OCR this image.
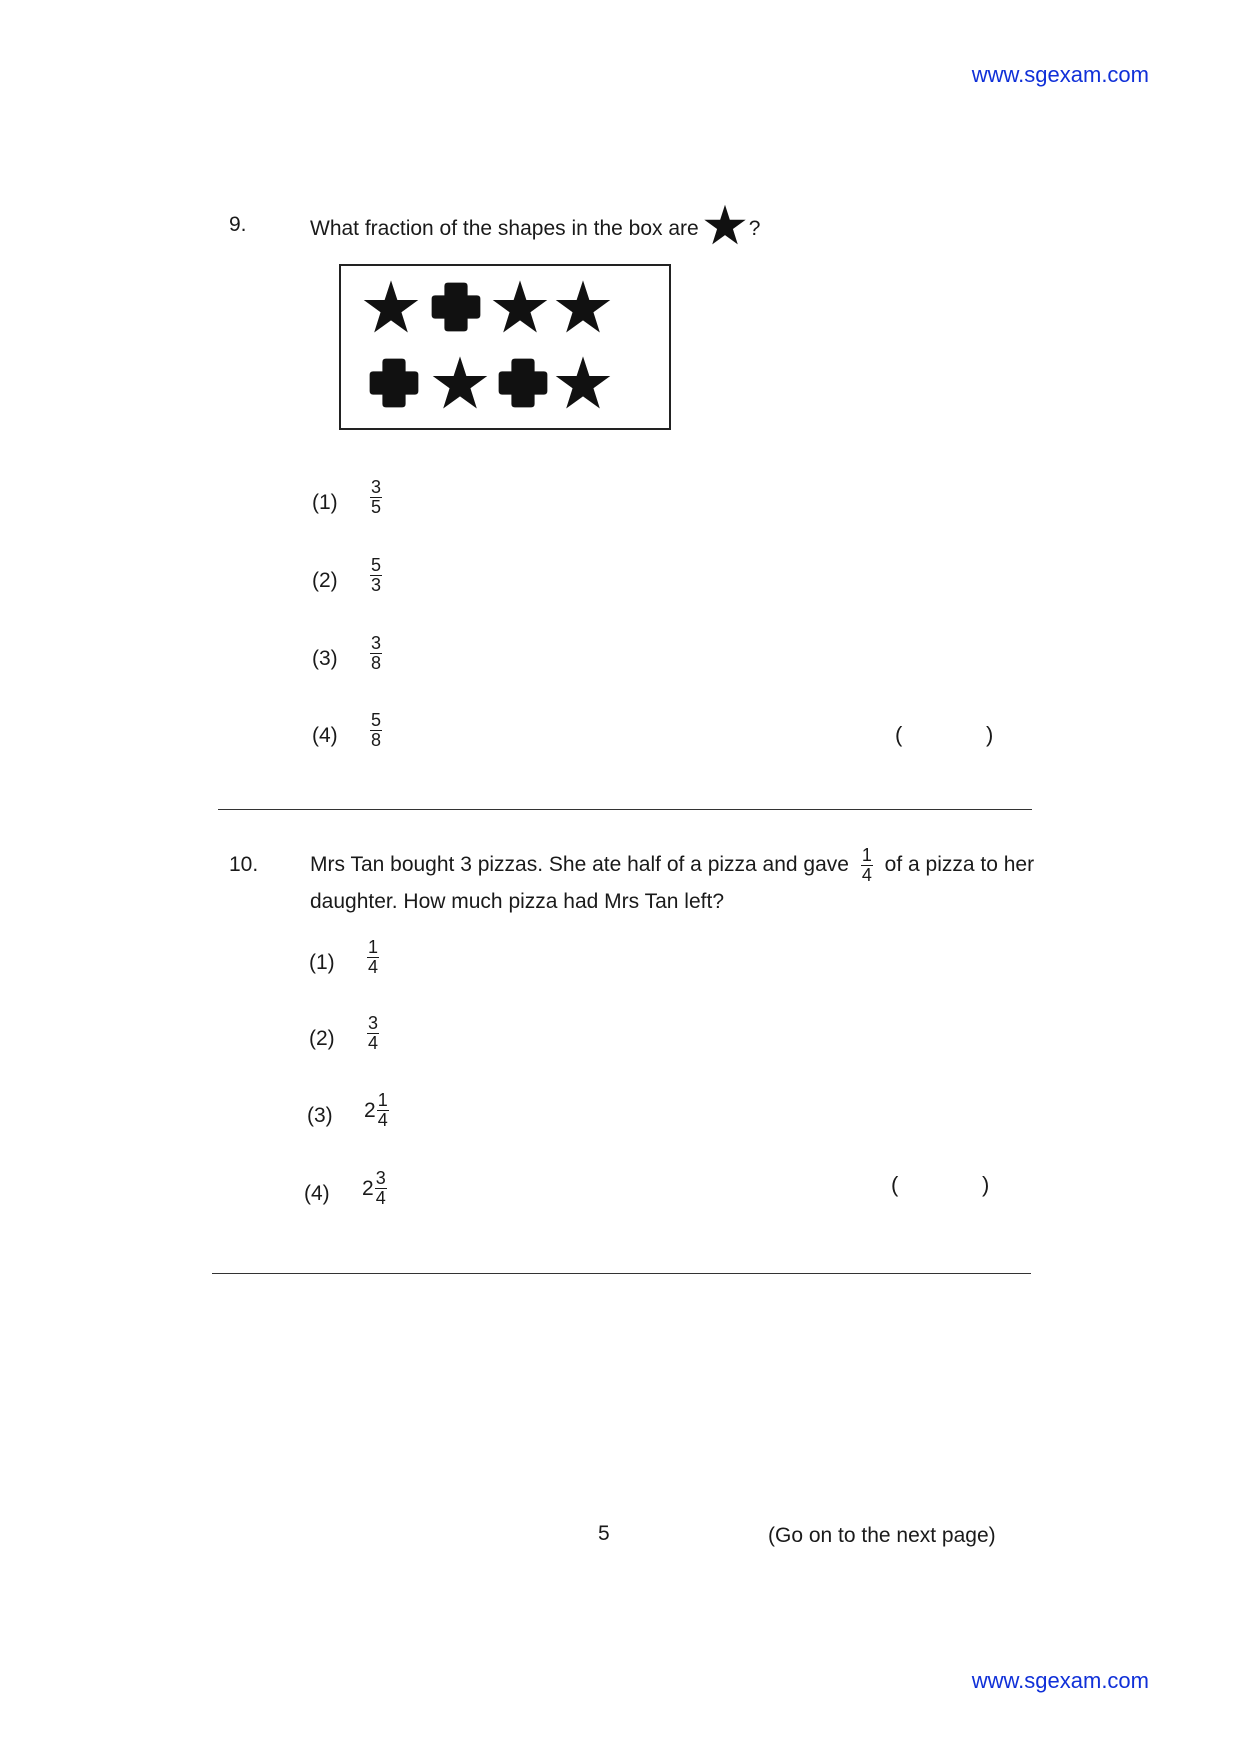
www.sgexam.com
9.	What fraction of the shapes in the box are ?
$(1) \frac{3}{5}$
$(2) \frac{5}{3}$
$(3) \frac{3}{8}$
$(4) \frac{5}{8}$	(	)
10. Mrs Tan bought 3 pizzas. She ate half of a pizza and gave $\frac{1}{4}$ of a pizza to her
daughter. How much pizza had Mrs Tan left?
$(1) \frac{1}{4}$
$(2) \frac{3}{4}$
(3) $2 \frac{1}{4}$
(4) $2 \frac{3}{4}$	(	)
5	(Go on to the next page)
www.sgexam.com
